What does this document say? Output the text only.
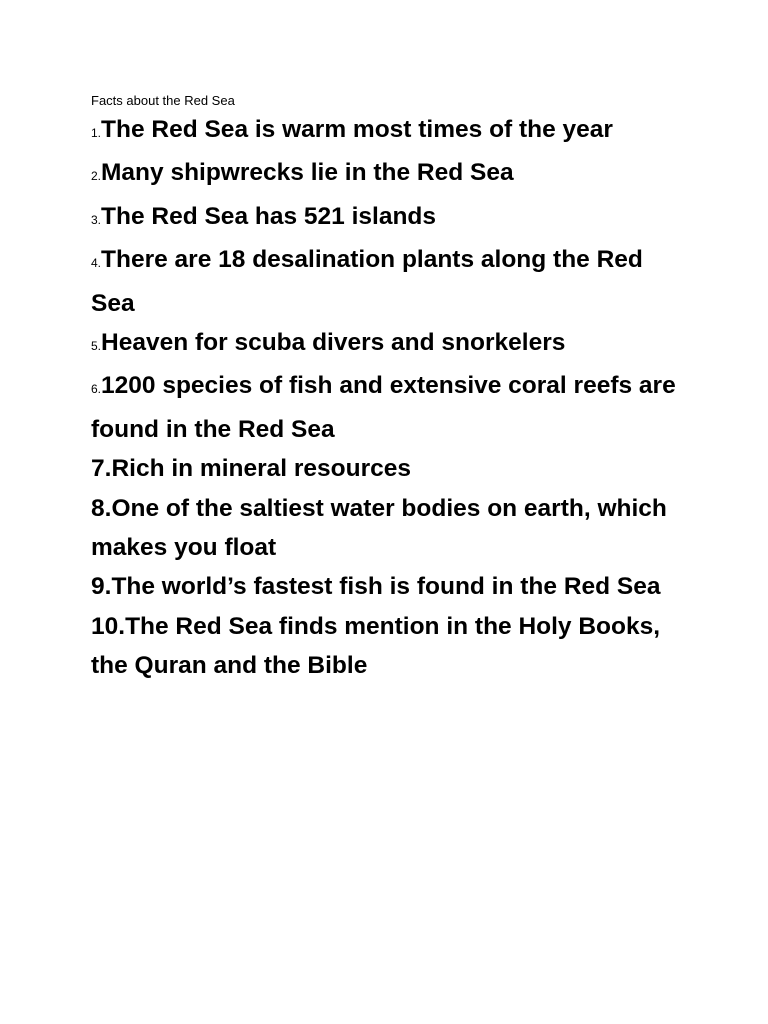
Facts about the Red Sea

1.The Red Sea is warm most times of the year
2.Many shipwrecks lie in the Red Sea
3.The Red Sea has 521 islands
4.There are 18 desalination plants along the Red Sea
5.Heaven for scuba divers and snorkelers
6.1200 species of fish and extensive coral reefs are found in the Red Sea
7.Rich in mineral resources
8.One of the saltiest water bodies on earth, which makes you float
9.The world’s fastest fish is found in the Red Sea
10.The Red Sea finds mention in the Holy Books, the Quran and the Bible
